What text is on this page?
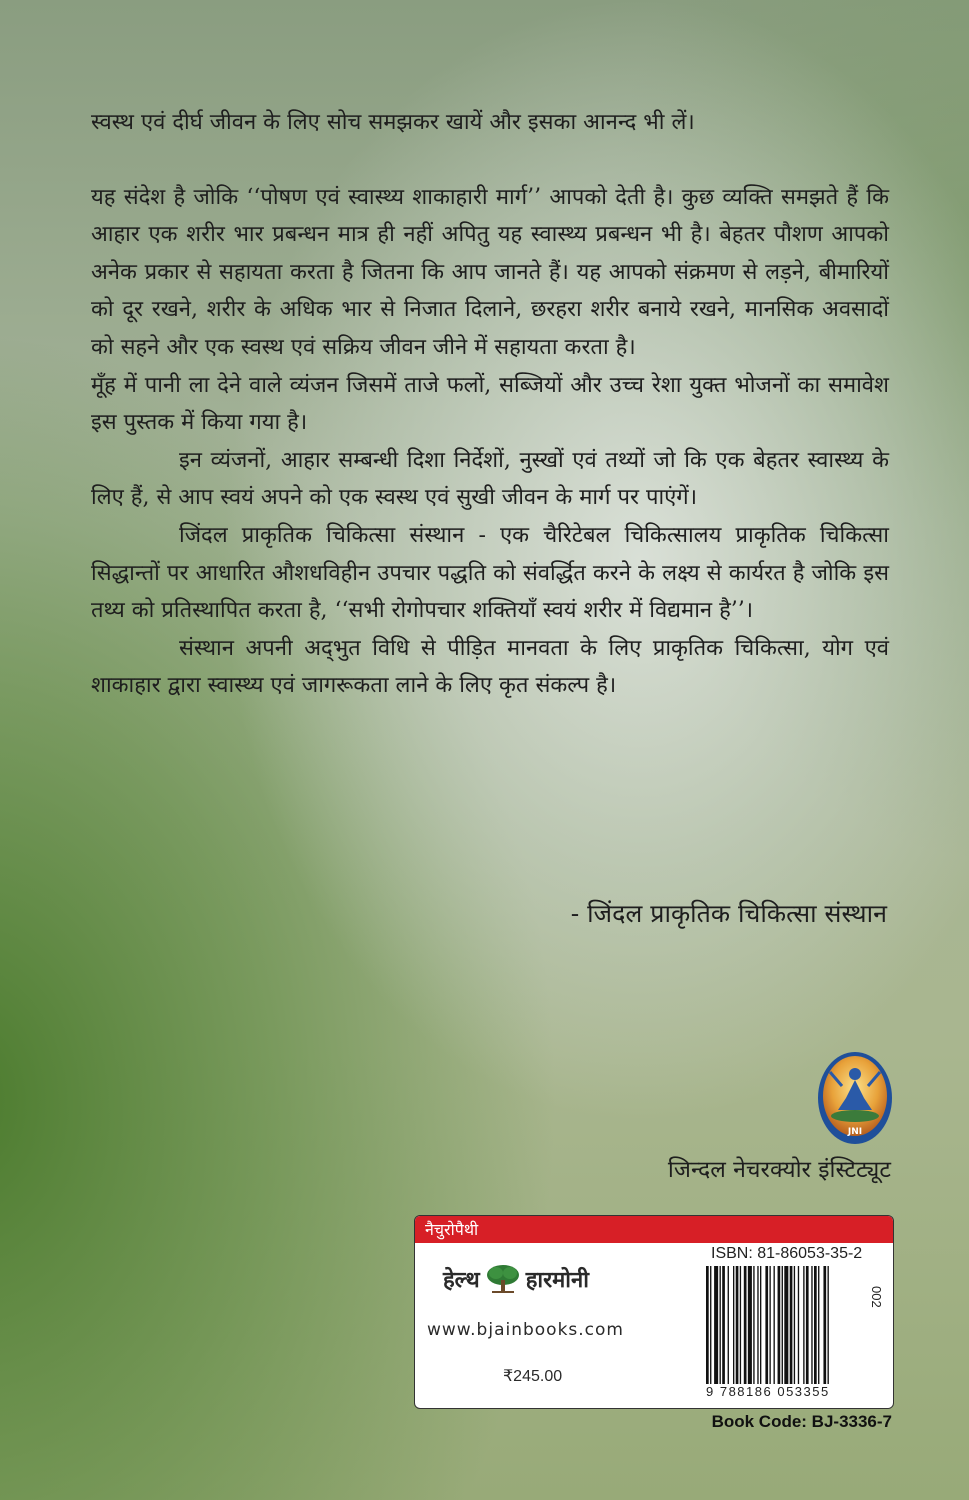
स्वस्थ एवं दीर्घ जीवन के लिए सोच समझकर खायें और इसका आनन्द भी लें।

यह संदेश है जोकि ‘‘पोषण एवं स्वास्थ्य शाकाहारी मार्ग’’ आपको देती है। कुछ व्यक्ति समझते हैं कि आहार एक शरीर भार प्रबन्धन मात्र ही नहीं अपितु यह स्वास्थ्य प्रबन्धन भी है। बेहतर पौशण आपको अनेक प्रकार से सहायता करता है जितना कि आप जानते हैं। यह आपको संक्रमण से लड़ने, बीमारियों को दूर रखने, शरीर के अधिक भार से निजात दिलाने, छरहरा शरीर बनाये रखने, मानसिक अवसादों को सहने और एक स्वस्थ एवं सक्रिय जीवन जीने में सहायता करता है।

मूँह में पानी ला देने वाले व्यंजन जिसमें ताजे फलों, सब्जियों और उच्च रेशा युक्त भोजनों का समावेश इस पुस्तक में किया गया है।

इन व्यंजनों, आहार सम्बन्धी दिशा निर्देशों, नुस्खों एवं तथ्यों जो कि एक बेहतर स्वास्थ्य के लिए हैं, से आप स्वयं अपने को एक स्वस्थ एवं सुखी जीवन के मार्ग पर पाएंगें।

जिंदल प्राकृतिक चिकित्सा संस्थान - एक चैरिटेबल चिकित्सालय प्राकृतिक चिकित्सा सिद्धान्तों पर आधारित औशधविहीन उपचार पद्धति को संवर्द्धित करने के लक्ष्य से कार्यरत है जोकि इस तथ्य को प्रतिस्थापित करता है, ‘‘सभी रोगोपचार शक्तियाँ स्वयं शरीर में विद्यमान है’’।

संस्थान अपनी अद्‌भुत विधि से पीड़ित मानवता के लिए प्राकृतिक चिकित्सा, योग एवं शाकाहार द्वारा स्वास्थ्य एवं जागरूकता लाने के लिए कृत संकल्प है।

- जिंदल प्राकृतिक चिकित्सा संस्थान
JNI
जिन्दल नेचरक्योर इंस्टिट्यूट
नैचुरोपैथी
हेल्थ हारमोनी
www.bjainbooks.com
₹245.00
ISBN: 81-86053-35-2
9 788186 053355
002
Book Code: BJ-3336-7
